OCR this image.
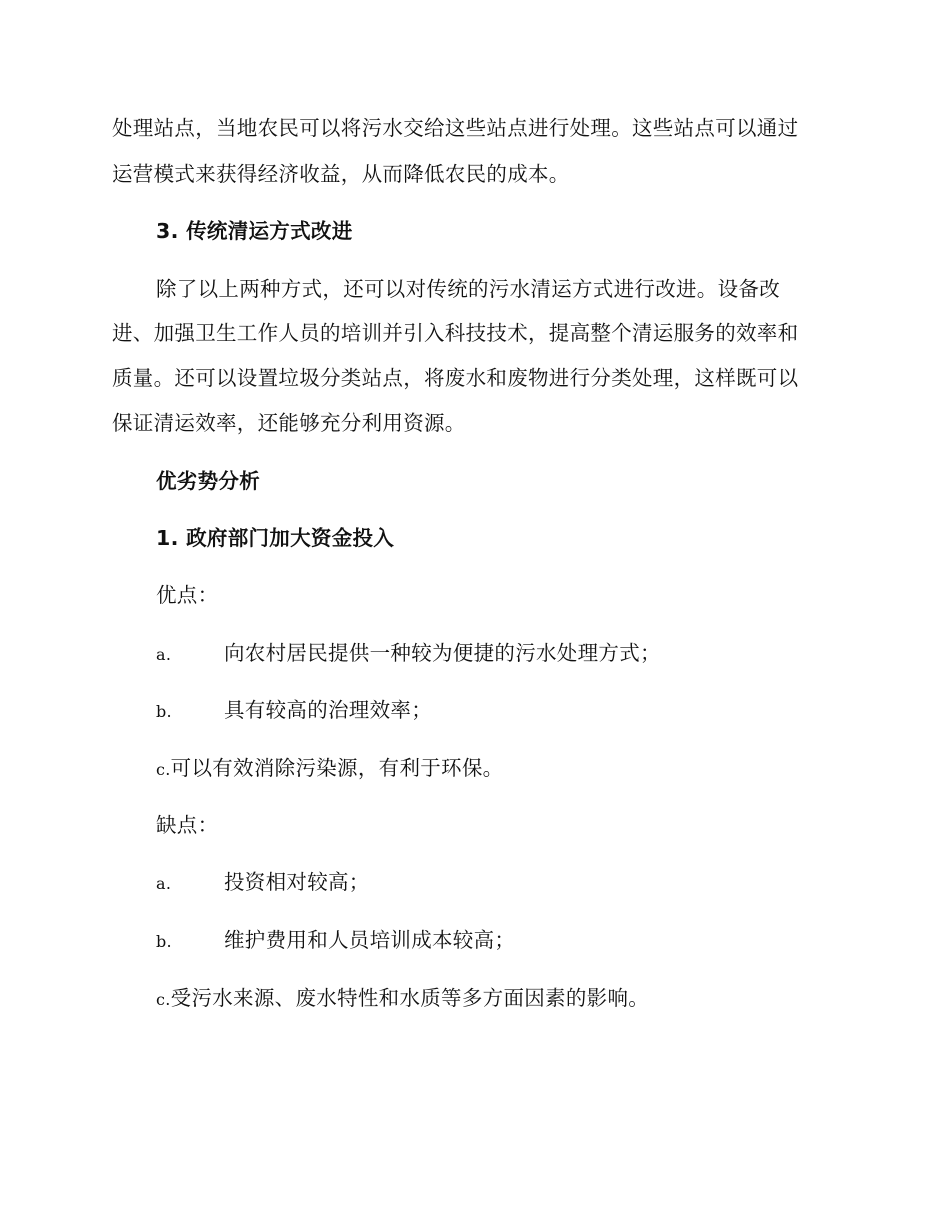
处理站点，当地农民可以将污水交给这些站点进行处理。这些站点可以通过
运营模式来获得经济收益，从而降低农民的成本。
3. 传统清运方式改进
除了以上两种方式，还可以对传统的污水清运方式进行改进。设备改
进、加强卫生工作人员的培训并引入科技技术，提高整个清运服务的效率和
质量。还可以设置垃圾分类站点，将废水和废物进行分类处理，这样既可以
保证清运效率，还能够充分利用资源。
优劣势分析
1. 政府部门加大资金投入
优点：
a.	向农村居民提供一种较为便捷的污水处理方式；
b.	具有较高的治理效率；
c.可以有效消除污染源，有利于环保。
缺点：
a.	投资相对较高；
b.	维护费用和人员培训成本较高；
c.受污水来源、废水特性和水质等多方面因素的影响。
